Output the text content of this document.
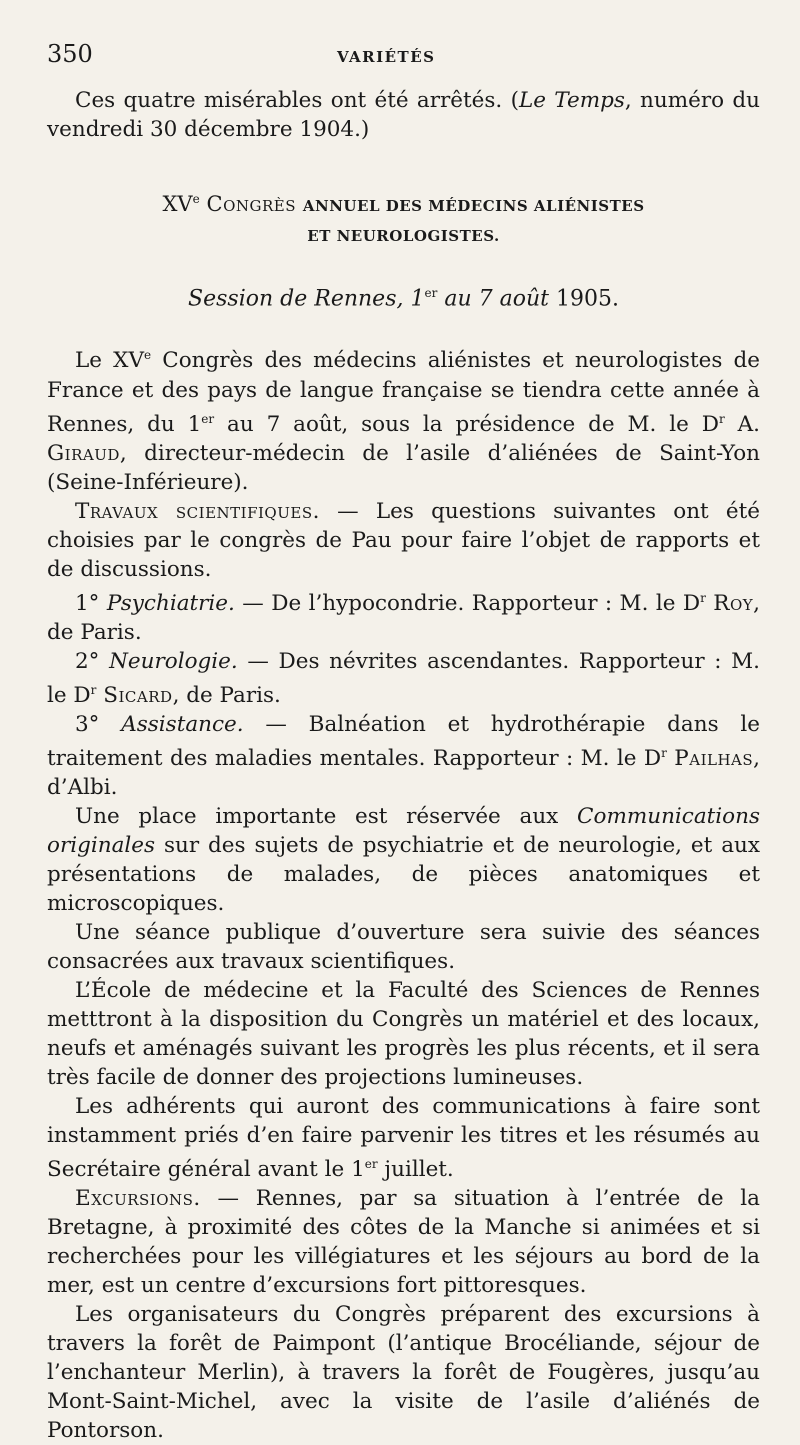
350	VARIÉTÉS

Ces quatre misérables ont été arrêtés. (Le Temps, numéro du vendredi 30 décembre 1904.)

XVe Congrès ANNUEL DES MÉDECINS ALIÉNISTES
ET NEUROLOGISTES.
Session de Rennes, 1er au 7 août 1905.

Le XVe Congrès des médecins aliénistes et neurologistes de France et des pays de langue française se tiendra cette année à Rennes, du 1er au 7 août, sous la présidence de M. le $D^r$ A. Giraud, directeur-médecin de l’asile d’aliénées de Saint-Yon (Seine-Inférieure).

Travaux scientifiques. — Les questions suivantes ont été choisies par le congrès de Pau pour faire l’objet de rapports et de discussions.

1° Psychiatrie. — De l’hypocondrie. Rapporteur : M. le $D^r$ Roy, de Paris.

2° Neurologie. — Des névrites ascendantes. Rapporteur : M. le $D^r$ Sicard, de Paris.

3° Assistance. — Balnéation et hydrothérapie dans le traitement des maladies mentales. Rapporteur : M. le $D^r$ Pailhas, d’Albi.

Une place importante est réservée aux Communications originales sur des sujets de psychiatrie et de neurologie, et aux présentations de malades, de pièces anatomiques et microscopiques.

Une séance publique d’ouverture sera suivie des séances consacrées aux travaux scientifiques.

L’École de médecine et la Faculté des Sciences de Rennes metttront à la disposition du Congrès un matériel et des locaux, neufs et aménagés suivant les progrès les plus récents, et il sera très facile de donner des projections lumineuses.

Les adhérents qui auront des communications à faire sont instamment priés d’en faire parvenir les titres et les résumés au Secrétaire général avant le 1er juillet.

Excursions. — Rennes, par sa situation à l’entrée de la Bretagne, à proximité des côtes de la Manche si animées et si recherchées pour les villégiatures et les séjours au bord de la mer, est un centre d’excursions fort pittoresques.

Les organisateurs du Congrès préparent des excursions à travers la forêt de Paimpont (l’antique Brocéliande, séjour de l’enchanteur Merlin), à travers la forêt de Fougères, jusqu’au Mont-Saint-Michel, avec la visite de l’asile d’aliénés de Pontorson.
